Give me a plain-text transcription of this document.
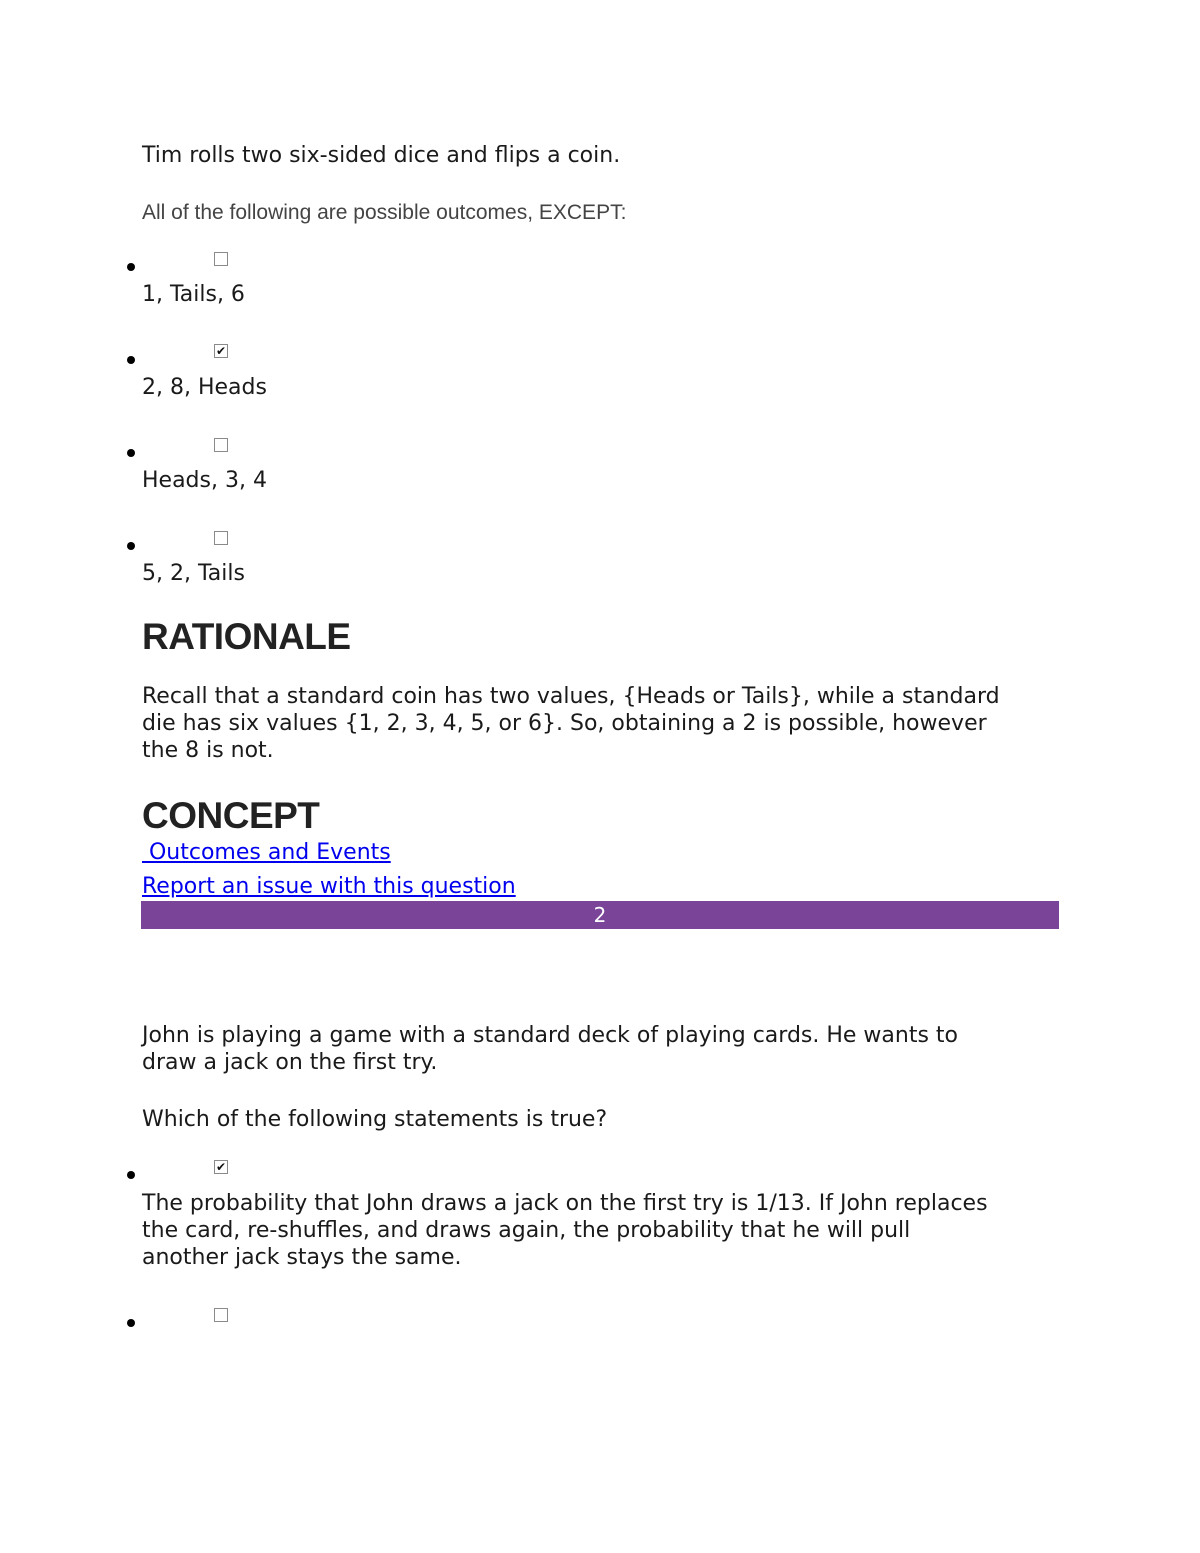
Tim rolls two six-sided dice and flips a coin.
All of the following are possible outcomes, EXCEPT:
1, Tails, 6
✔
2, 8, Heads
Heads, 3, 4
5, 2, Tails
RATIONALE
Recall that a standard coin has two values, {Heads or Tails}, while a standard
die has six values {1, 2, 3, 4, 5, or 6}. So, obtaining a 2 is possible, however
the 8 is not.
CONCEPT
Outcomes and Events
Report an issue with this question
2
John is playing a game with a standard deck of playing cards. He wants to
draw a jack on the first try.
Which of the following statements is true?
✔
The probability that John draws a jack on the first try is 1/13. If John replaces
the card, re-shuffles, and draws again, the probability that he will pull
another jack stays the same.
